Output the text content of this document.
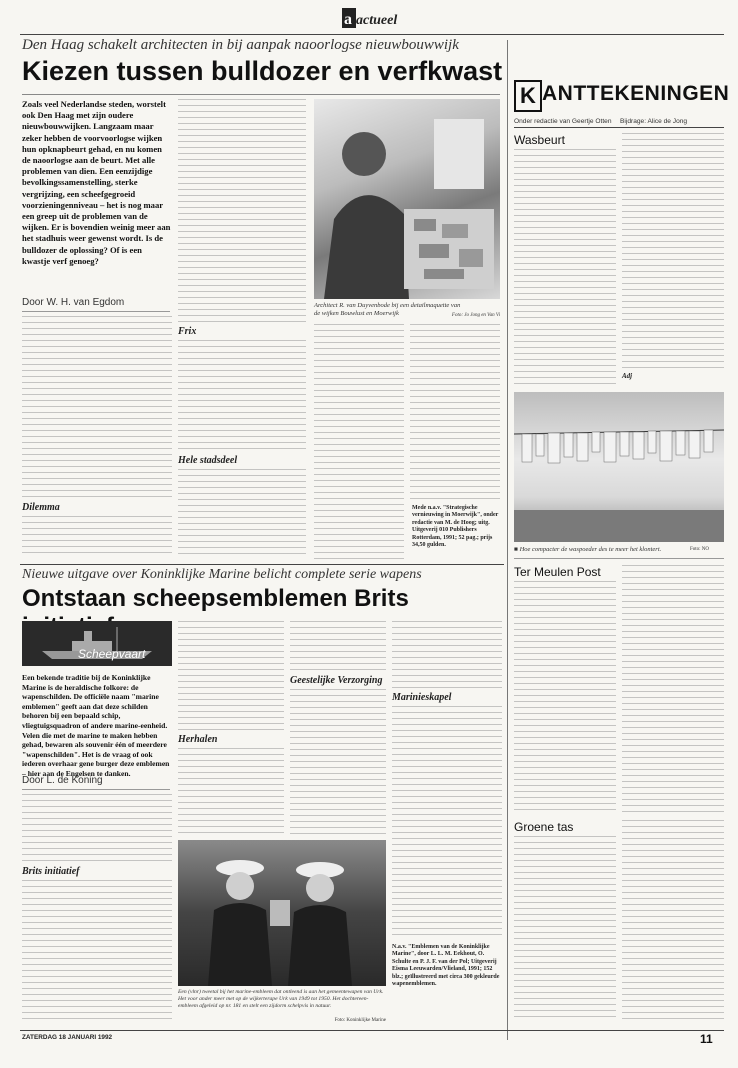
a actueel
Den Haag schakelt architecten in bij aanpak naoorlogse nieuwbouwwijk
Kiezen tussen bulldozer en verfkwast
Zoals veel Nederlandse steden, worstelt ook Den Haag met zijn oudere nieuwbouwwijken. Langzaam maar zeker hebben de voorvoorlogse wijken hun opknapbeurt gehad, en nu komen de naoorlogse aan de beurt. Met alle problemen van dien. Een eenzijdige bevolkingssamenstelling, sterke vergrijzing, een scheefgegroeid voorzieningenniveau – het is nog maar een greep uit de problemen van de wijken. Er is bovendien weinig meer aan het stadhuis weer gewenst wordt. Is de bulldozer de oplossing? Of is een kwastje verf genoeg?
Door W. H. van Egdom
Dilemma
Frix
Hele stadsdeel
Architect R. van Duyvenbode bij een detailmaquette van de wijken Bouwlust en Moerwijk	Foto: Jo Jong en Van Vi
Mede n.a.v. "Strategische vernieuwing in Moerwijk", onder redactie van M. de Hoog; uitg. Uitgeverij 010 Publishers Rotterdam, 1991; 52 pag.; prijs 34,50 gulden.
K ANTTEKENINGEN
Onder redactie van Geertje Otten Bijdrage: Alice de Jong
Wasbeurt
Adj
■ Hoe compacter de waspoeder des te meer het klontert.	Foto: NO
Ter Meulen Post
Groene tas
Nieuwe uitgave over Koninklijke Marine belicht complete serie wapens
Ontstaan scheepsemblemen Brits
Scheepvaart
Een bekende traditie bij de Koninklijke Marine is de heraldische folkore: de wapenschilden. De officiële naam "marine emblemen" geeft aan dat deze schilden behoren bij een bepaald schip, vliegtuigsquadron of andere marine-eenheid. Velen die met de marine te maken hebben gehad, bewaren als souvenir één of meerdere "wapenschilden". Het is de vraag of ook iederen overhaar gene burger deze emblemen – hier aan de Engelsen te danken.
Door L. de Koning
Brits initiatief
Herhalen
Geestelijke Verzorging
Marinieskapel
N.a.v. "Emblemen van de Koninklijke Marine", door L. L. M. Eekhout, O. Schulte en P. J. F. van der Pol; Uitgeverij Eisma Leeuwarden/Vlieland, 1991; 152 blz.; geïllustreerd met circa 300 gekleurde wapenemblemen.
Een (vlnr) tweetal bij het marine-embleem dat ontleend is aan het gemeentewapen van Urk. Het voor ander meer met op de wijkerterape Urk van 1949 tot 1950. Het dochtereen-embleem afgeleid op nr. 181 en stelt een zijdorm schelpvis in natuur.
Foto: Koninklijke Marine
ZATERDAG 18 JANUARI 1992	11
